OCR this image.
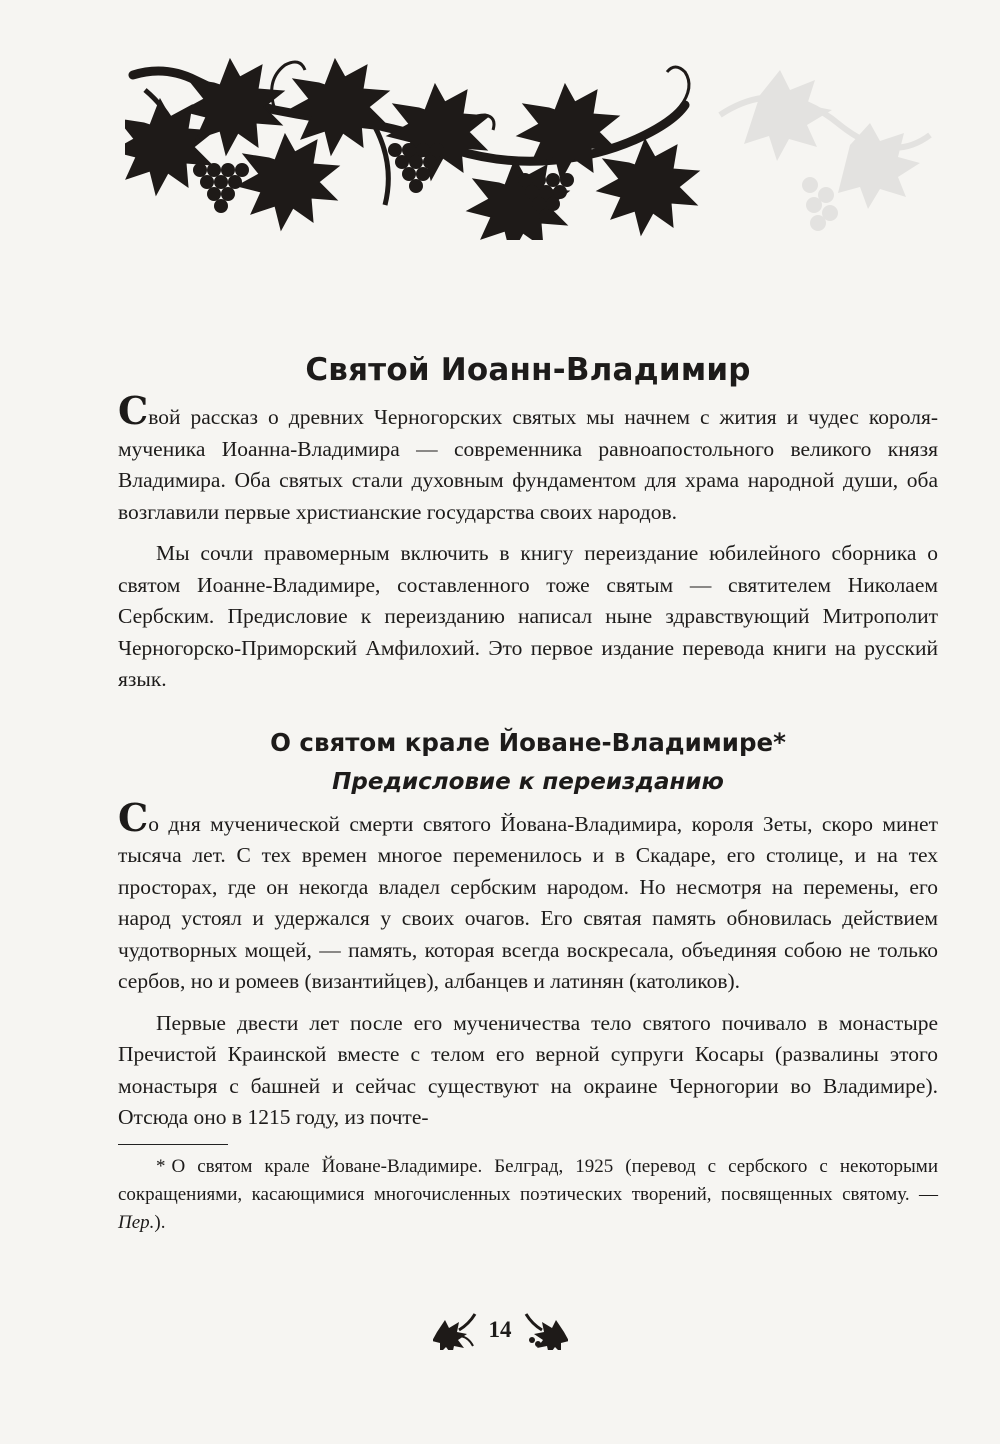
Святой Иоанн-Владимир

Свой рассказ о древних Черногорских святых мы начнем с жития и чудес короля-мученика Иоанна-Владимира — современника равноапостольного великого князя Владимира. Оба святых стали духовным фундаментом для храма народной души, оба возглавили первые христианские государства своих народов.

Мы сочли правомерным включить в книгу переиздание юбилейного сборника о святом Иоанне-Владимире, составленного тоже святым — святителем Николаем Сербским. Предисловие к переизданию написал ныне здравствующий Митрополит Черногорско-Приморский Амфилохий. Это первое издание перевода книги на русский язык.

О святом крале Йоване-Владимире*
Предисловие к переизданию

Со дня мученической смерти святого Йована-Владимира, короля Зеты, скоро минет тысяча лет. С тех времен многое переменилось и в Скадаре, его столице, и на тех просторах, где он некогда владел сербским народом. Но несмотря на перемены, его народ устоял и удержался у своих очагов. Его святая память обновилась действием чудотворных мощей, — память, которая всегда воскресала, объединяя собою не только сербов, но и ромеев (византийцев), албанцев и латинян (католиков).

Первые двести лет после его мученичества тело святого почивало в монастыре Пречистой Краинской вместе с телом его верной супруги Косары (развалины этого монастыря с башней и сейчас существуют на окраине Черногории во Владимире). Отсюда оно в 1215 году, из почте-

* О святом крале Йоване-Владимире. Белград, 1925 (перевод с сербского с некоторыми сокращениями, касающимися многочисленных поэтических творений, посвященных святому. — Пер.).
14
